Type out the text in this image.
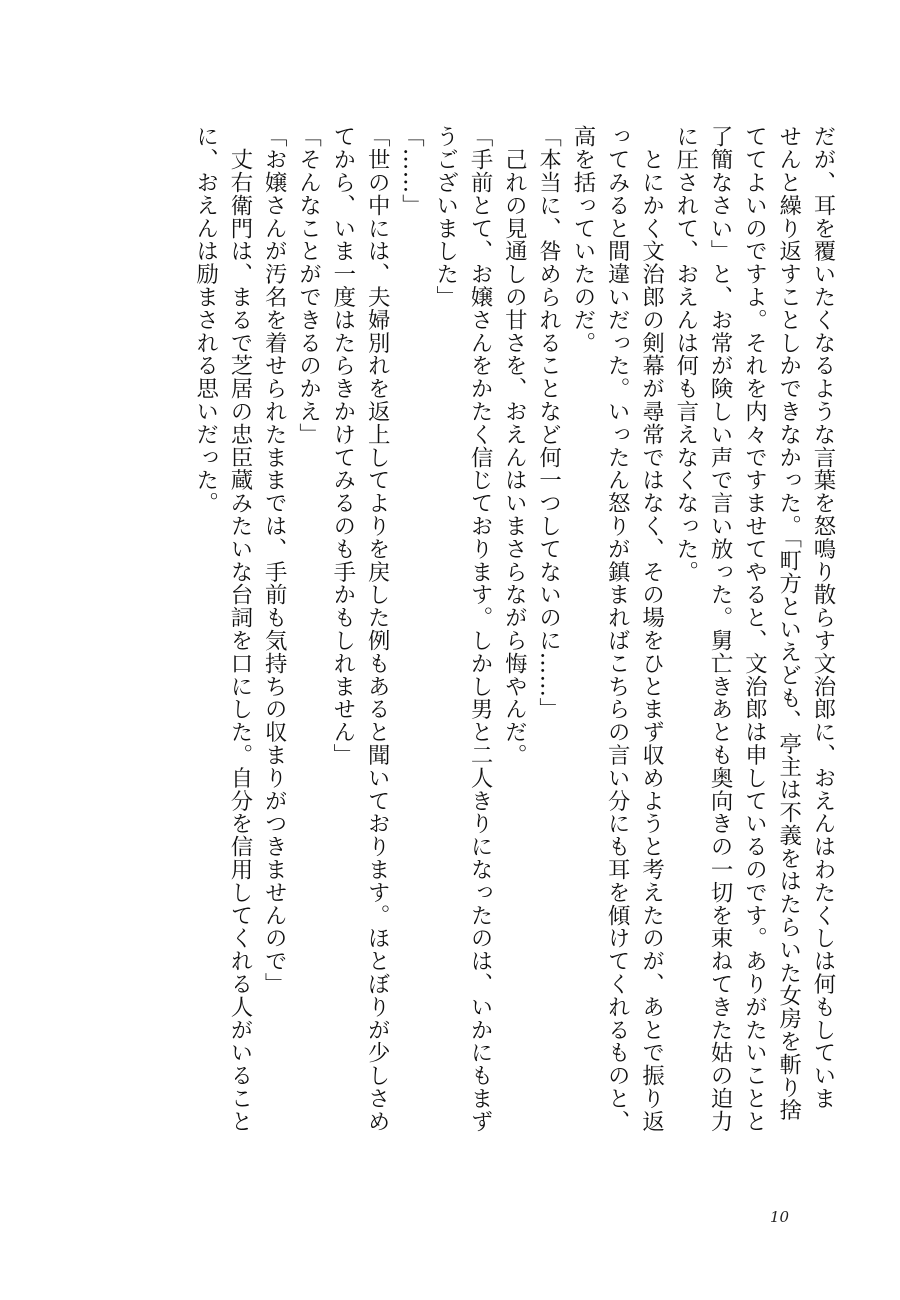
だが、耳を覆いたくなるような言葉を怒鳴り散らす文治郎に、おえんはわたくしは何もしていま
せんと繰り返すことしかできなかった。「町方といえども、亭主は不義をはたらいた女房を斬り捨
ててよいのですよ。それを内々ですませてやると、文治郎は申しているのです。ありがたいことと
了簡なさい」と、お常が険しい声で言い放った。舅亡きあとも奥向きの一切を束ねてきた姑の迫力
に圧されて、おえんは何も言えなくなった。
　とにかく文治郎の剣幕が尋常ではなく、その場をひとまず収めようと考えたのが、あとで振り返
ってみると間違いだった。いったん怒りが鎮まればこちらの言い分にも耳を傾けてくれるものと、
高を括っていたのだ。
「本当に、咎められることなど何一つしてないのに……」
　己れの見通しの甘さを、おえんはいまさらながら悔やんだ。
「手前とて、お嬢さんをかたく信じております。しかし男と二人きりになったのは、いかにもまず
うございました」
「……」
「世の中には、夫婦別れを返上してよりを戻した例もあると聞いております。ほとぼりが少しさめ
てから、いま一度はたらきかけてみるのも手かもしれません」
「そんなことができるのかえ」
「お嬢さんが汚名を着せられたままでは、手前も気持ちの収まりがつきませんので」
　丈右衛門は、まるで芝居の忠臣蔵みたいな台詞を口にした。自分を信用してくれる人がいること
に、おえんは励まされる思いだった。
10
